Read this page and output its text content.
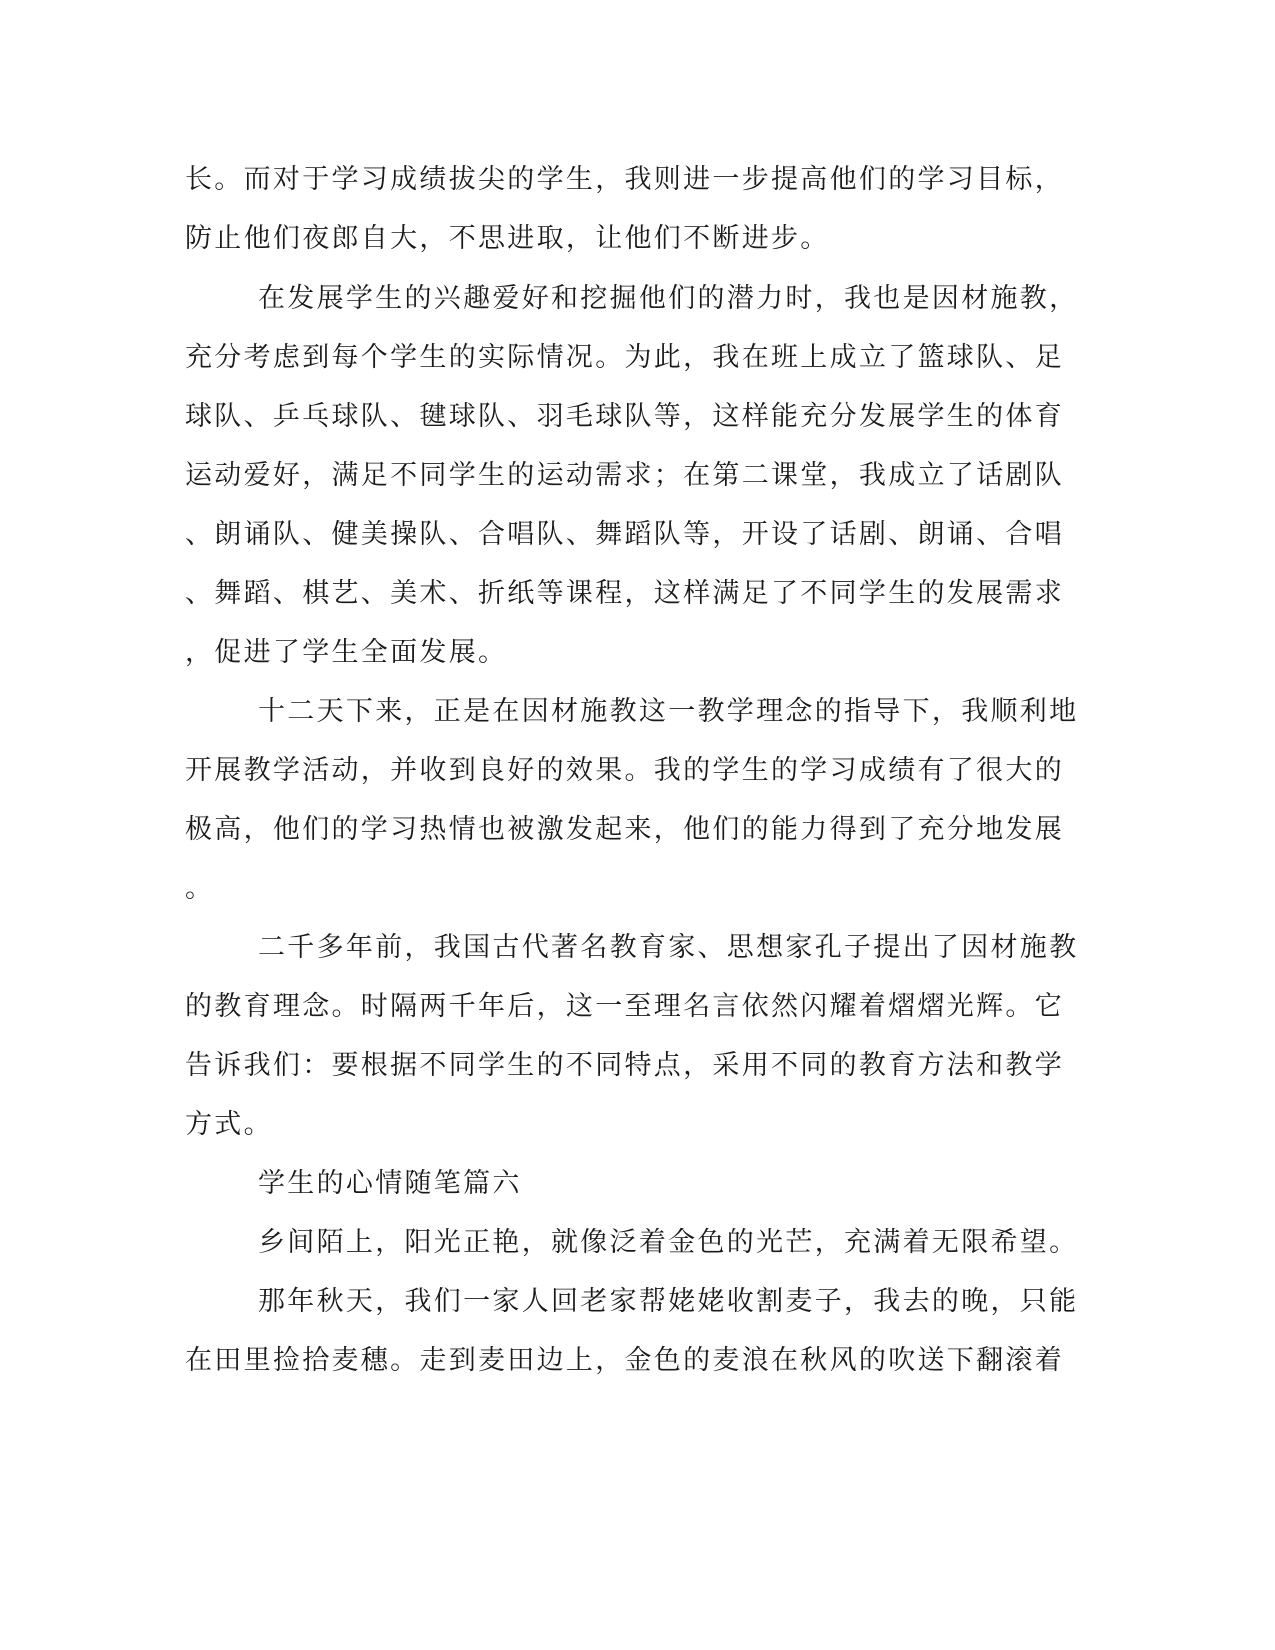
长。而对于学习成绩拔尖的学生，我则进一步提高他们的学习目标，
防止他们夜郎自大，不思进取，让他们不断进步。
在发展学生的兴趣爱好和挖掘他们的潜力时，我也是因材施教，
充分考虑到每个学生的实际情况。为此，我在班上成立了篮球队、足
球队、乒乓球队、毽球队、羽毛球队等，这样能充分发展学生的体育
运动爱好，满足不同学生的运动需求；在第二课堂，我成立了话剧队
、朗诵队、健美操队、合唱队、舞蹈队等，开设了话剧、朗诵、合唱
、舞蹈、棋艺、美术、折纸等课程，这样满足了不同学生的发展需求
，促进了学生全面发展。
十二天下来，正是在因材施教这一教学理念的指导下，我顺利地
开展教学活动，并收到良好的效果。我的学生的学习成绩有了很大的
极高，他们的学习热情也被激发起来，他们的能力得到了充分地发展
。
二千多年前，我国古代著名教育家、思想家孔子提出了因材施教
的教育理念。时隔两千年后，这一至理名言依然闪耀着熠熠光辉。它
告诉我们：要根据不同学生的不同特点，采用不同的教育方法和教学
方式。
学生的心情随笔篇六
乡间陌上，阳光正艳，就像泛着金色的光芒，充满着无限希望。
那年秋天，我们一家人回老家帮姥姥收割麦子，我去的晚，只能
在田里捡拾麦穗。走到麦田边上，金色的麦浪在秋风的吹送下翻滚着
